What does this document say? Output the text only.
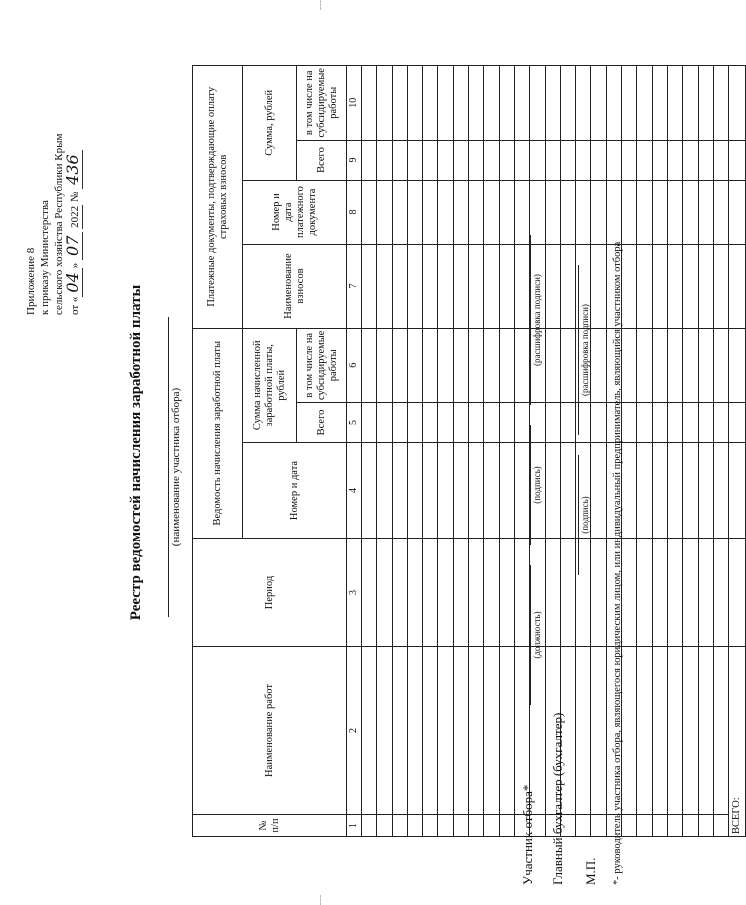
Приложение 8 к приказу Министерства сельского хозяйства Республики Крым от «04» 07 2022 № 436
Реестр ведомостей начисления заработной платы (наименование участника отбора)
№ п/п	Наименование работ	Период	Ведомость начисления заработной платы			Платежные документы, подтверждающие оплату страховых взносов			
			Номер и дата	Сумма начисленной заработной платы, рублей		Наименование взносов	Номер и дата платежного документа	Сумма, рублей	
				Всего	в том числе на субсидируемые работы			Всего	в том числе на субсидируемые работы
1	2	3	4	5	6	7	8	9	10

ВСЕГО:									
Участник отбора*
(должность)
(подпись)
(расшифровка подписи)
Главный бухгалтер (бухгалтер)
(подпись)
(расшифровка подписи)
М.П. *- руководитель участника отбора, являющегося юридическим лицом, или индивидуальный предприниматель, являющийся участником отбора
